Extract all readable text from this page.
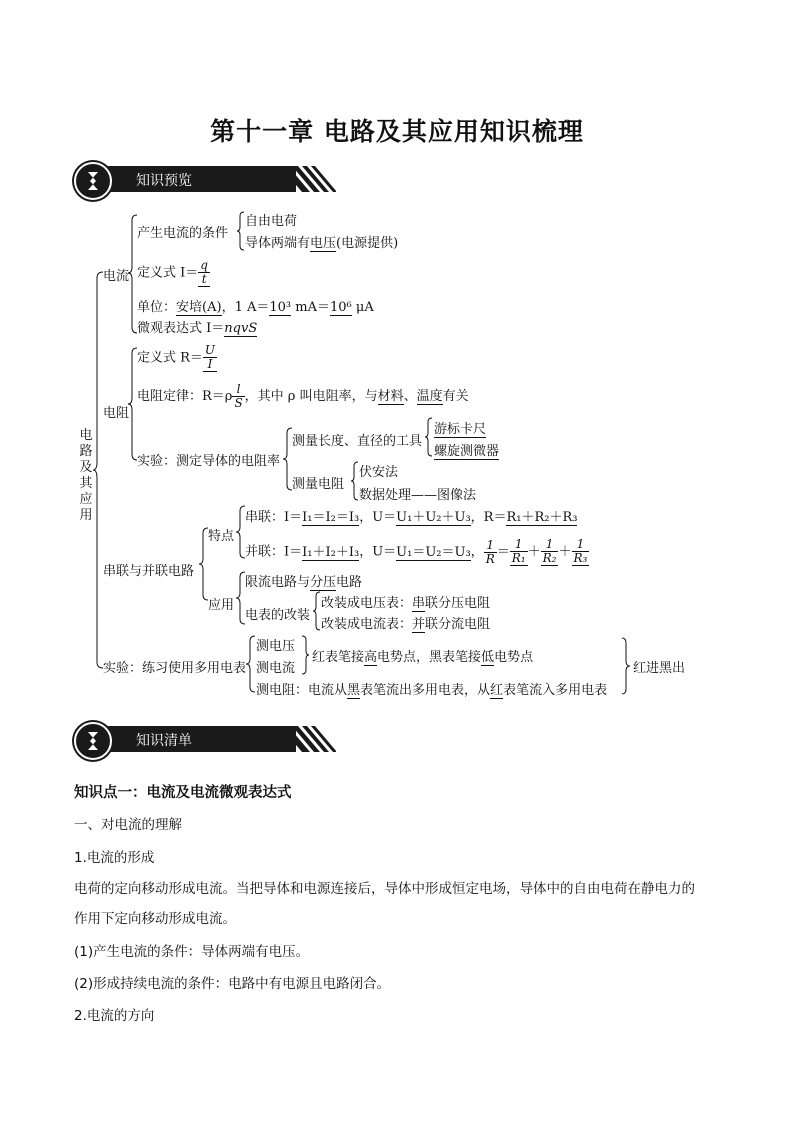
第十一章 电路及其应用知识梳理
知识预览
电路及其应用
电流
产生电流的条件
自由电荷
导体两端有电压(电源提供)
定义式 $I= \frac{q}{t}$
单位：安培(A)，1 A＝10³ mA＝10⁶ μA
微观表达式 I＝nqvS
电阻
定义式 $R= \frac{U}{I}$
电阻定律：$R=\rho \frac{l}{S}$ ，其中 ρ 叫电阻率，与材料、温度有关
实验：测定导体的电阻率
测量长度、直径的工具
游标卡尺
螺旋测微器
测量电阻
伏安法
数据处理——图像法
串联与并联电路
特点
串联：I＝I₁＝I₂＝I₃，U＝U₁＋U₂＋U₃，R＝R₁＋R₂＋R₃
并联：I＝I₁＋I₂＋I₃，U＝U₁＝U₂＝U₃， $\frac{1}{R} = \frac{1}{\text{R₁}} + \frac{1}{\text{R₂}} + \frac{1}{\text{R₃}}$
应用
限流电路与分压电路
电表的改装
改装成电压表：串联分压电阻
改装成电流表：并联分流电阻
实验：练习使用多用电表
测电压
测电流
红表笔接高电势点，黑表笔接低电势点
测电阻：电流从黑表笔流出多用电表，从红表笔流入多用电表
红进黑出
知识清单
知识点一：电流及电流微观表达式
一、对电流的理解
1.电流的形成
电荷的定向移动形成电流。当把导体和电源连接后，导体中形成恒定电场，导体中的自由电荷在静电力的
作用下定向移动形成电流。
(1)产生电流的条件：导体两端有电压。
(2)形成持续电流的条件：电路中有电源且电路闭合。
2.电流的方向
